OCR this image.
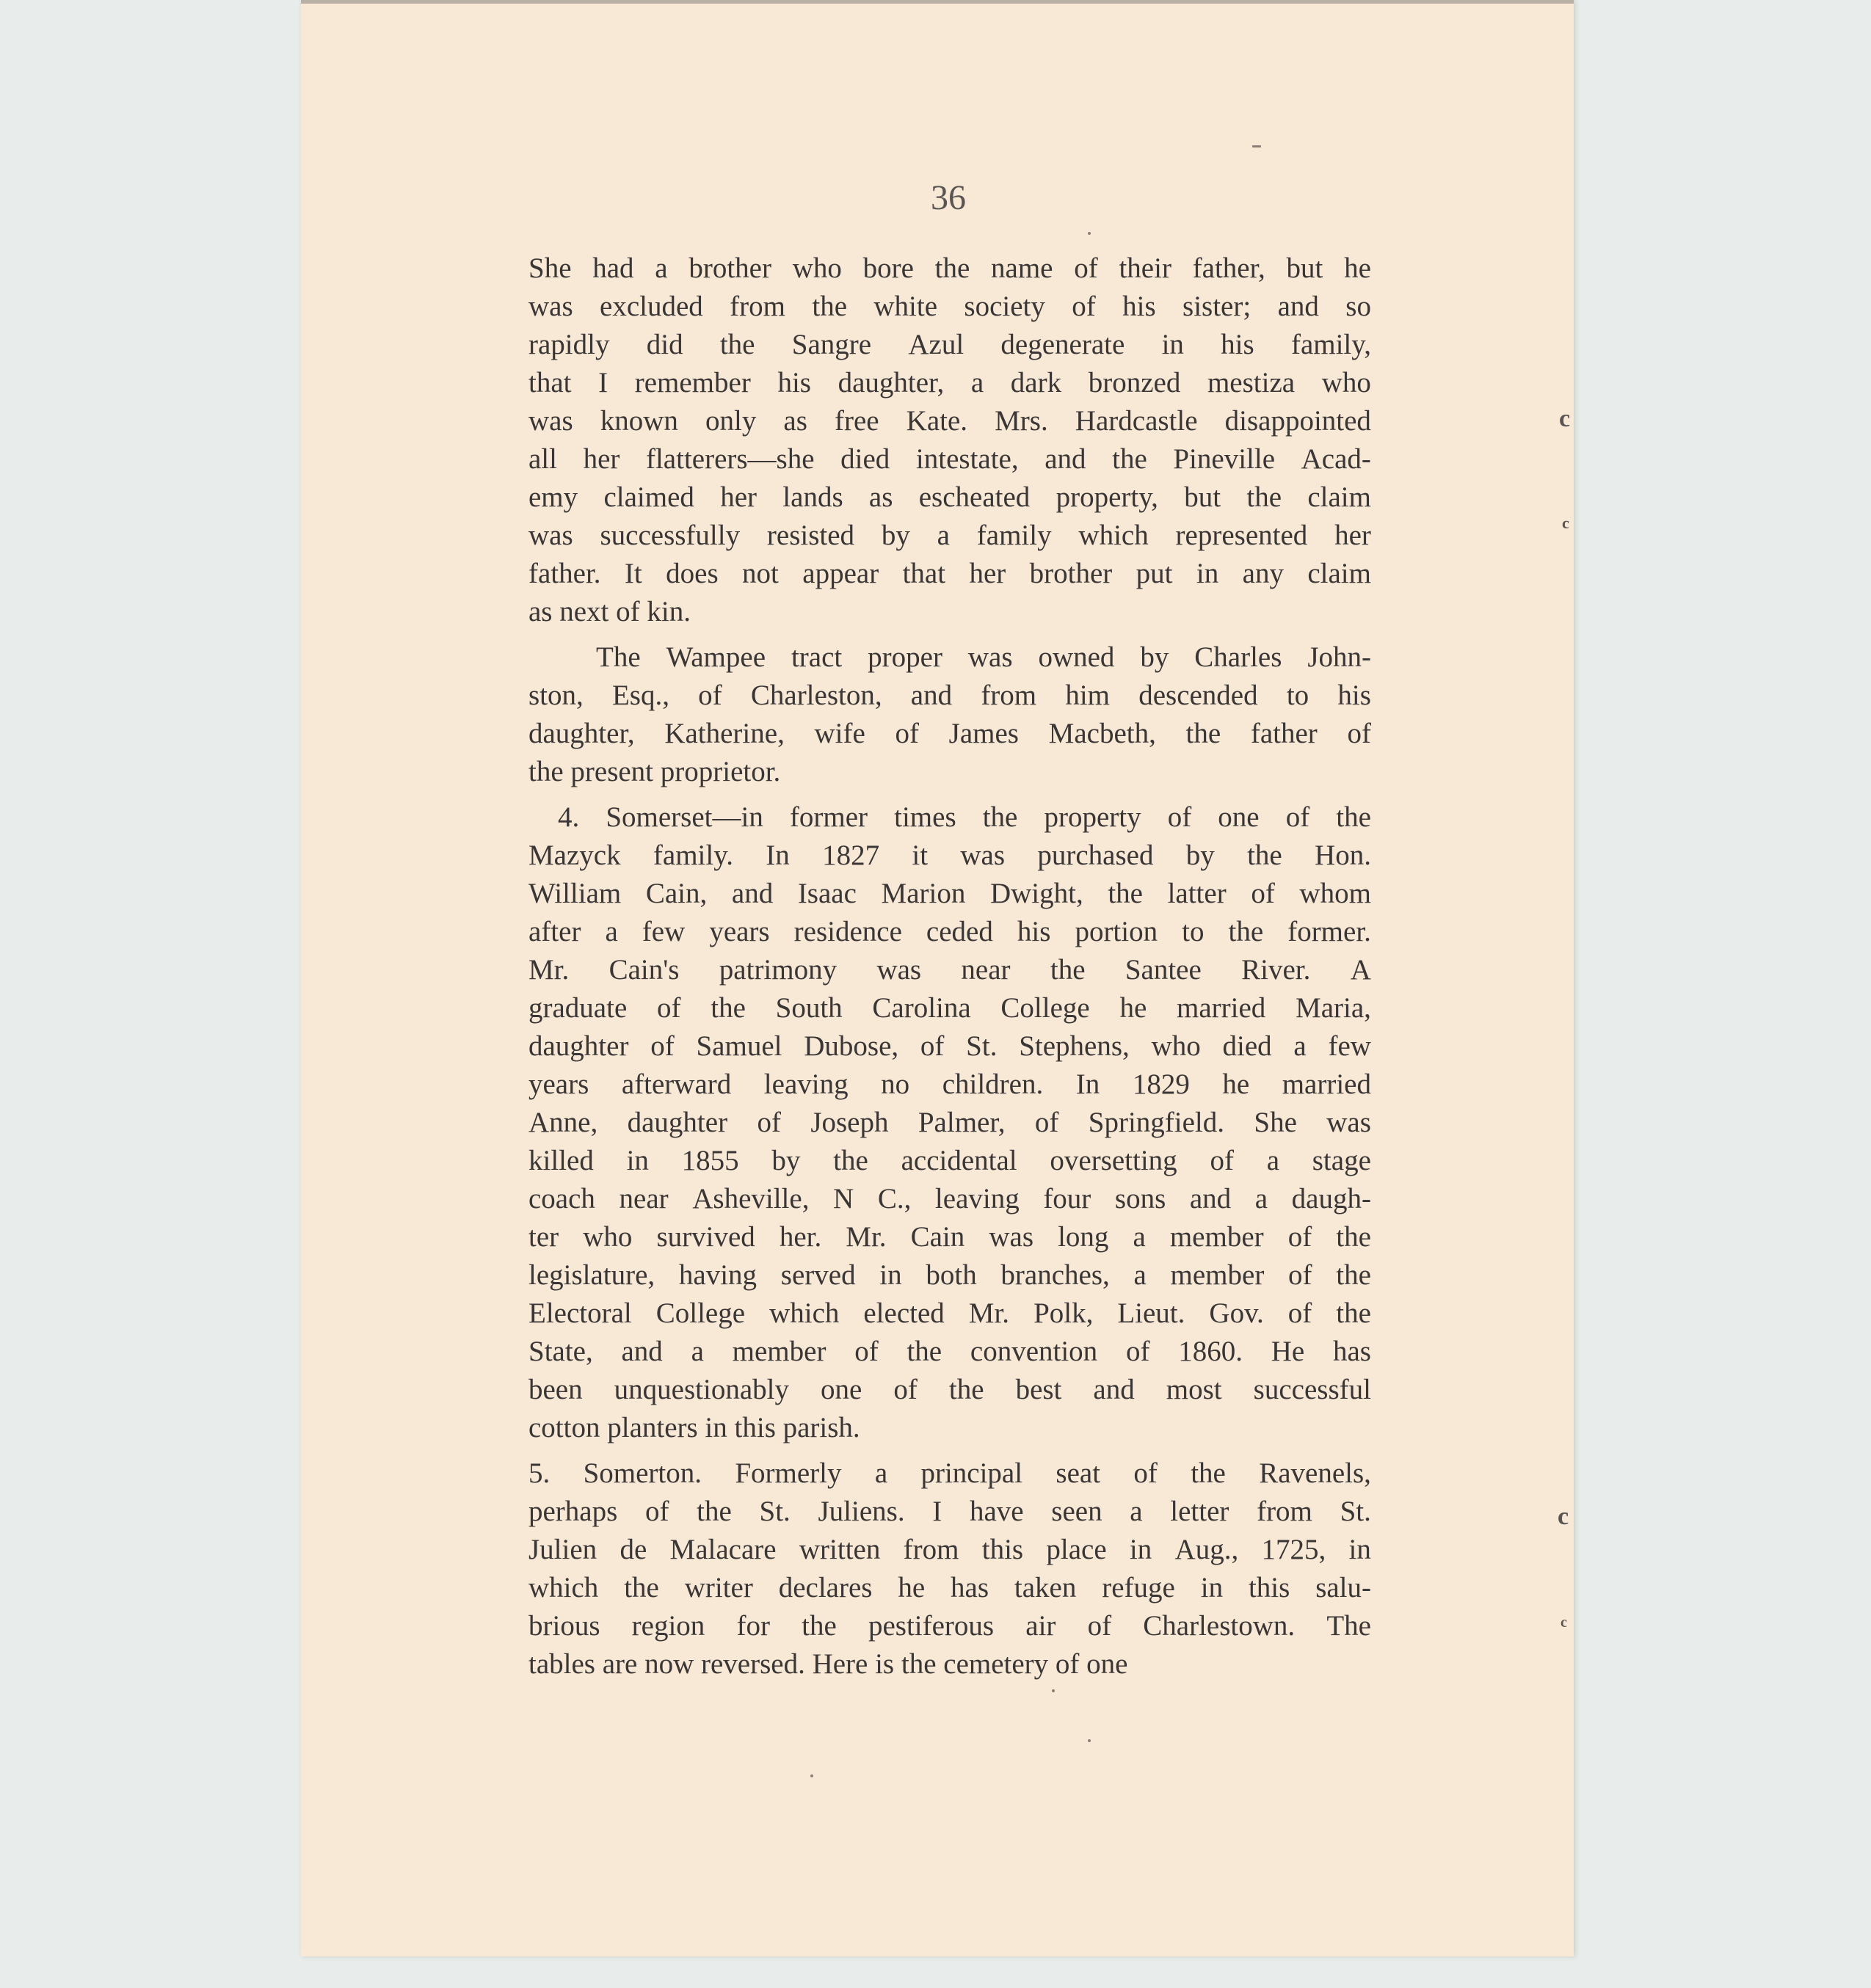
36
She had a brother who bore the name of their father, but he
was excluded from the white society of his sister; and so
rapidly did the Sangre Azul degenerate in his family,
that I remember his daughter, a dark bronzed mestiza who
was known only as free Kate. Mrs. Hardcastle disappointed
all her flatterers—she died intestate, and the Pineville Acad-
emy claimed her lands as escheated property, but the claim
was successfully resisted by a family which represented her
father. It does not appear that her brother put in any claim
as next of kin.
The Wampee tract proper was owned by Charles John-
ston, Esq., of Charleston, and from him descended to his
daughter, Katherine, wife of James Macbeth, the father of
the present proprietor.
4. Somerset—in former times the property of one of the
Mazyck family. In 1827 it was purchased by the Hon.
William Cain, and Isaac Marion Dwight, the latter of whom
after a few years residence ceded his portion to the former.
Mr. Cain's patrimony was near the Santee River. A
graduate of the South Carolina College he married Maria,
daughter of Samuel Dubose, of St. Stephens, who died a few
years afterward leaving no children. In 1829 he married
Anne, daughter of Joseph Palmer, of Springfield. She was
killed in 1855 by the accidental oversetting of a stage
coach near Asheville, N C., leaving four sons and a daugh-
ter who survived her. Mr. Cain was long a member of the
legislature, having served in both branches, a member of the
Electoral College which elected Mr. Polk, Lieut. Gov. of the
State, and a member of the convention of 1860. He has
been unquestionably one of the best and most successful
cotton planters in this parish.
5. Somerton. Formerly a principal seat of the Ravenels,
perhaps of the St. Juliens. I have seen a letter from St.
Julien de Malacare written from this place in Aug., 1725, in
which the writer declares he has taken refuge in this salu-
brious region for the pestiferous air of Charlestown. The
tables are now reversed. Here is the cemetery of one
c
c
c
c
